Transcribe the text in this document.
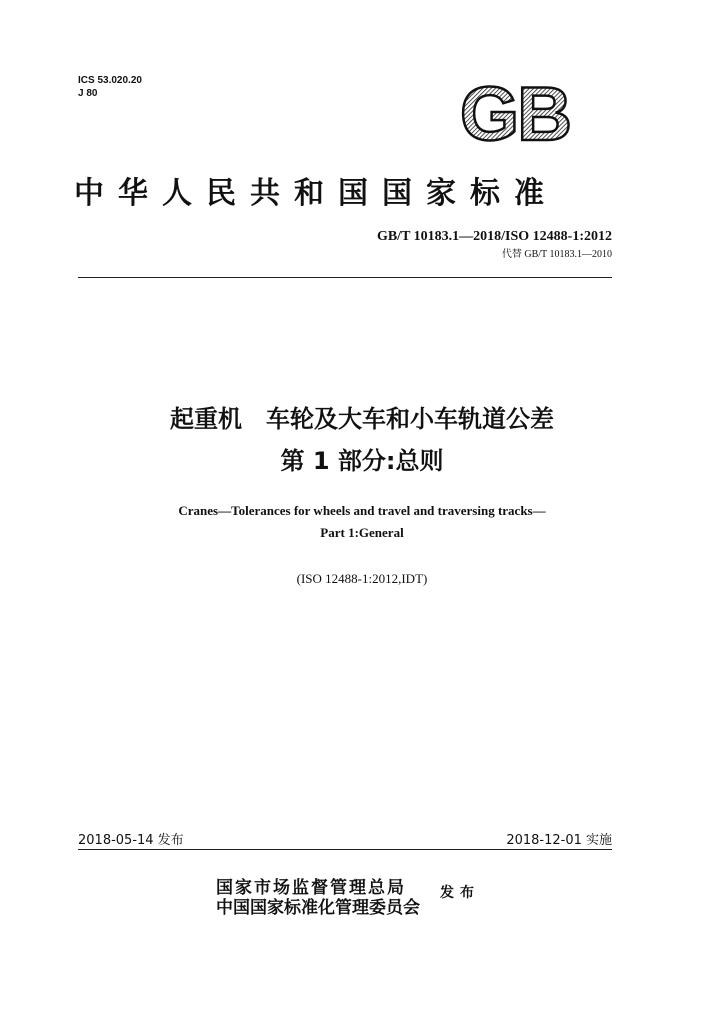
ICS 53.020.20
J 80	GB
中华人民共和国国家标准
GB/T 10183.1—2018/ISO 12488-1:2012
代替 GB/T 10183.1—2010
起重机　车轮及大车和小车轨道公差
第 1 部分:总则
Cranes—Tolerances for wheels and travel and traversing tracks—
Part 1:General
(ISO 12488-1:2012,IDT)
2018-05-14 发布	2018-12-01 实施
国家市场监督管理总局
中国国家标准化管理委员会
发布
